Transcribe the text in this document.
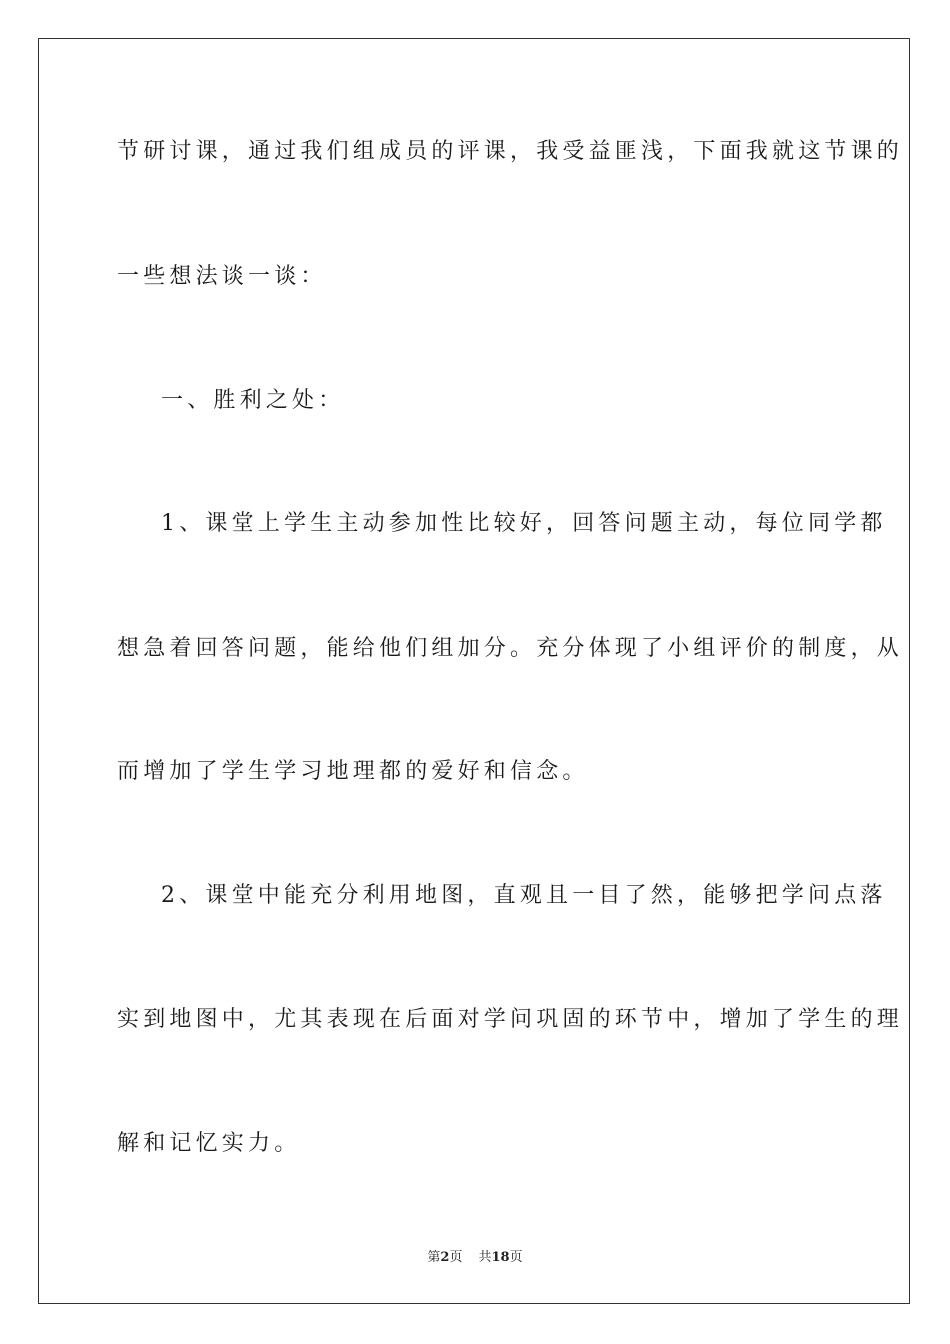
节研讨课，通过我们组成员的评课，我受益匪浅，下面我就这节课的
一些想法谈一谈：
一、胜利之处：
1、课堂上学生主动参加性比较好，回答问题主动，每位同学都
想急着回答问题，能给他们组加分。充分体现了小组评价的制度，从
而增加了学生学习地理都的爱好和信念。
2、课堂中能充分利用地图，直观且一目了然，能够把学问点落
实到地图中，尤其表现在后面对学问巩固的环节中，增加了学生的理
解和记忆实力。
第2页 共18页
